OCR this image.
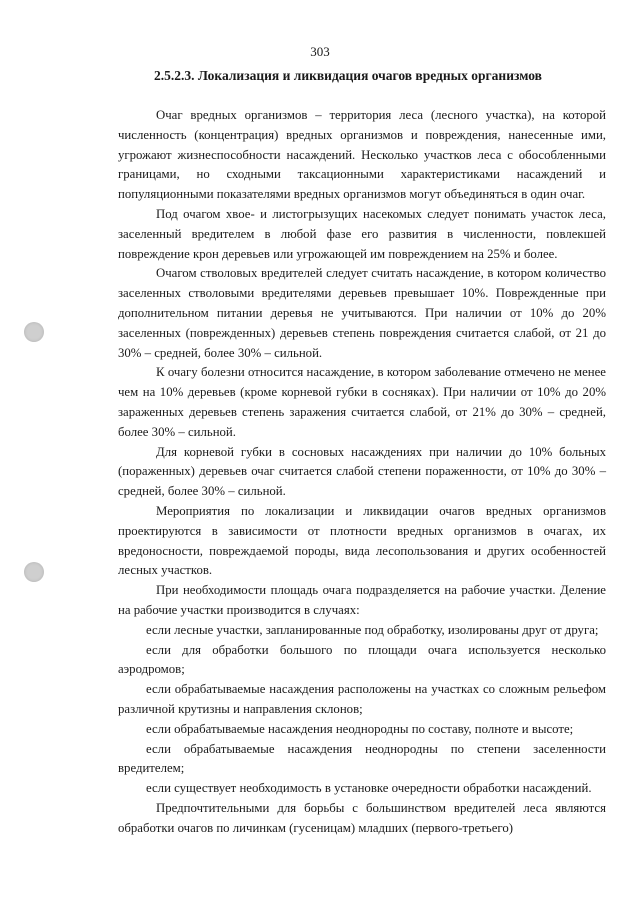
303
2.5.2.3. Локализация и ликвидация очагов вредных организмов

Очаг вредных организмов – территория леса (лесного участка), на которой численность (концентрация) вредных организмов и повреждения, нанесенные ими, угрожают жизнеспособности насаждений. Несколько участков леса с обособленными границами, но сходными таксационными характеристиками насаждений и популяционными показателями вредных организмов могут объединяться в один очаг.

Под очагом хвое- и листогрызущих насекомых следует понимать участок леса, заселенный вредителем в любой фазе его развития в численности, повлекшей повреждение крон деревьев или угрожающей им повреждением на 25% и более.

Очагом стволовых вредителей следует считать насаждение, в котором количество заселенных стволовыми вредителями деревьев превышает 10%. Поврежденные при дополнительном питании деревья не учитываются. При наличии от 10% до 20% заселенных (поврежденных) деревьев степень повреждения считается слабой, от 21 до 30% – средней, более 30% – сильной.

К очагу болезни относится насаждение, в котором заболевание отмечено не менее чем на 10% деревьев (кроме корневой губки в сосняках). При наличии от 10% до 20% зараженных деревьев степень заражения считается слабой, от 21% до 30% – средней, более 30% – сильной.

Для корневой губки в сосновых насаждениях при наличии до 10% больных (пораженных) деревьев очаг считается слабой степени пораженности, от 10% до 30% – средней, более 30% – сильной.

Мероприятия по локализации и ликвидации очагов вредных организмов проектируются в зависимости от плотности вредных организмов в очагах, их вредоносности, повреждаемой породы, вида лесопользования и других особенностей лесных участков.

При необходимости площадь очага подразделяется на рабочие участки. Деление на рабочие участки производится в случаях:

если лесные участки, запланированные под обработку, изолированы друг от друга;

если для обработки большого по площади очага используется несколько аэродромов;

если обрабатываемые насаждения расположены на участках со сложным рельефом различной крутизны и направления склонов;

если обрабатываемые насаждения неоднородны по составу, полноте и высоте;

если обрабатываемые насаждения неоднородны по степени заселенности вредителем;

если существует необходимость в установке очередности обработки насаждений.

Предпочтительными для борьбы с большинством вредителей леса являются обработки очагов по личинкам (гусеницам) младших (первого-третьего)
